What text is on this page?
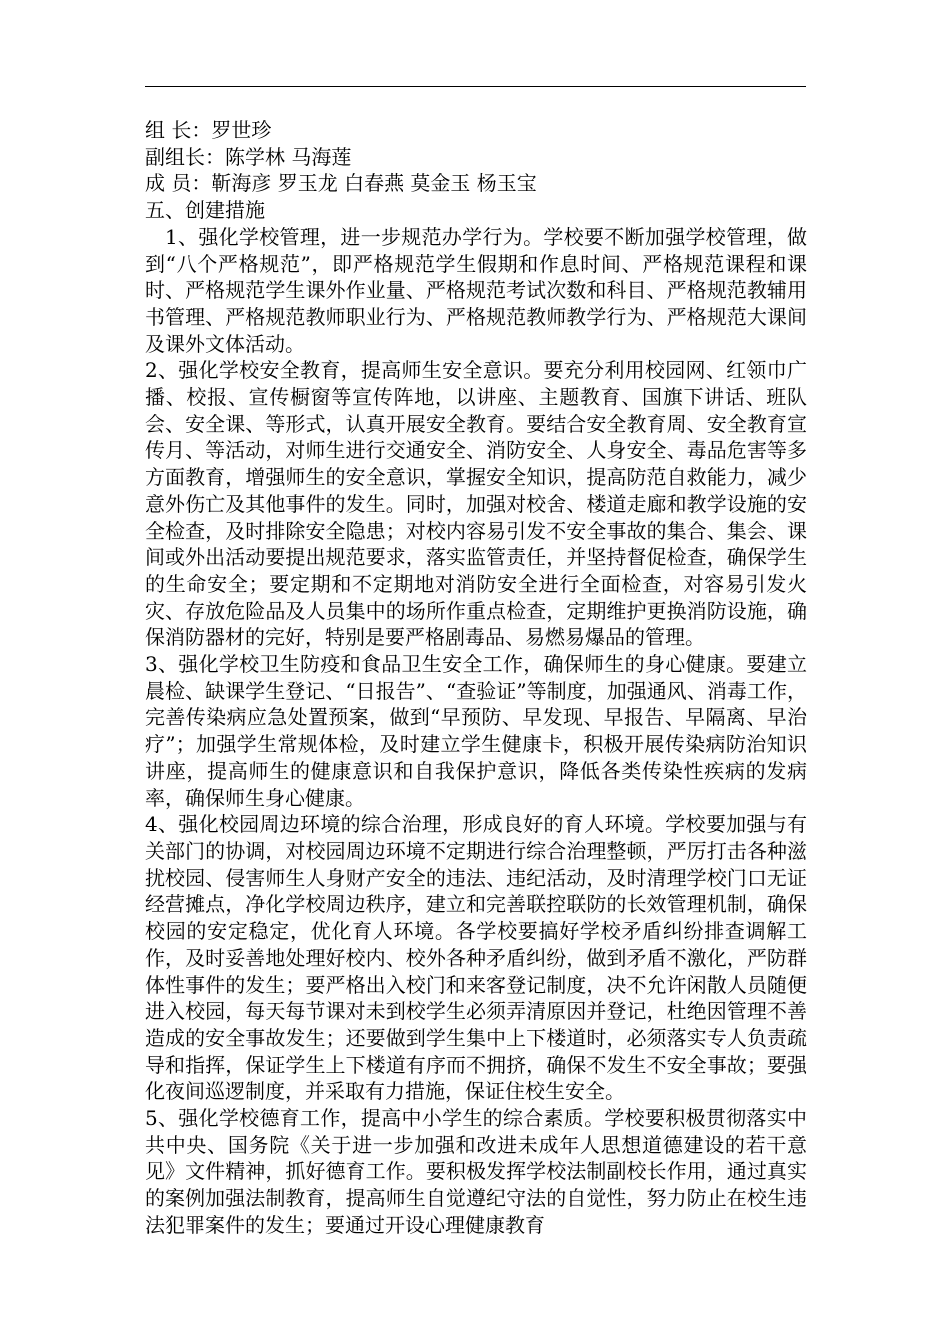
组 长：罗世珍

副组长：陈学林 马海莲

成 员：靳海彦 罗玉龙 白春燕 莫金玉 杨玉宝

五、创建措施

1、强化学校管理，进一步规范办学行为。学校要不断加强学校管理，做到“八个严格规范”，即严格规范学生假期和作息时间、严格规范课程和课时、严格规范学生课外作业量、严格规范考试次数和科目、严格规范教辅用书管理、严格规范教师职业行为、严格规范教师教学行为、严格规范大课间及课外文体活动。

2、强化学校安全教育，提高师生安全意识。要充分利用校园网、红领巾广播、校报、宣传橱窗等宣传阵地，以讲座、主题教育、国旗下讲话、班队会、安全课、等形式，认真开展安全教育。要结合安全教育周、安全教育宣传月、等活动，对师生进行交通安全、消防安全、人身安全、毒品危害等多方面教育，增强师生的安全意识，掌握安全知识，提高防范自救能力，减少意外伤亡及其他事件的发生。同时，加强对校舍、楼道走廊和教学设施的安全检查，及时排除安全隐患；对校内容易引发不安全事故的集合、集会、课间或外出活动要提出规范要求，落实监管责任，并坚持督促检查，确保学生的生命安全；要定期和不定期地对消防安全进行全面检查，对容易引发火灾、存放危险品及人员集中的场所作重点检查，定期维护更换消防设施，确保消防器材的完好，特别是要严格剧毒品、易燃易爆品的管理。

3、强化学校卫生防疫和食品卫生安全工作，确保师生的身心健康。要建立晨检、缺课学生登记、“日报告”、“查验证”等制度，加强通风、消毒工作，完善传染病应急处置预案，做到“早预防、早发现、早报告、早隔离、早治疗”；加强学生常规体检，及时建立学生健康卡，积极开展传染病防治知识讲座，提高师生的健康意识和自我保护意识，降低各类传染性疾病的发病率，确保师生身心健康。

4、强化校园周边环境的综合治理，形成良好的育人环境。学校要加强与有关部门的协调，对校园周边环境不定期进行综合治理整顿，严厉打击各种滋扰校园、侵害师生人身财产安全的违法、违纪活动，及时清理学校门口无证经营摊点，净化学校周边秩序，建立和完善联控联防的长效管理机制，确保校园的安定稳定，优化育人环境。各学校要搞好学校矛盾纠纷排查调解工作，及时妥善地处理好校内、校外各种矛盾纠纷，做到矛盾不激化，严防群体性事件的发生；要严格出入校门和来客登记制度，决不允许闲散人员随便进入校园，每天每节课对未到校学生必须弄清原因并登记，杜绝因管理不善造成的安全事故发生；还要做到学生集中上下楼道时，必须落实专人负责疏导和指挥，保证学生上下楼道有序而不拥挤，确保不发生不安全事故；要强化夜间巡逻制度，并采取有力措施，保证住校生安全。

5、强化学校德育工作，提高中小学生的综合素质。学校要积极贯彻落实中共中央、国务院《关于进一步加强和改进未成年人思想道德建设的若干意见》文件精神，抓好德育工作。要积极发挥学校法制副校长作用，通过真实的案例加强法制教育，提高师生自觉遵纪守法的自觉性，努力防止在校生违法犯罪案件的发生；要通过开设心理健康教育
